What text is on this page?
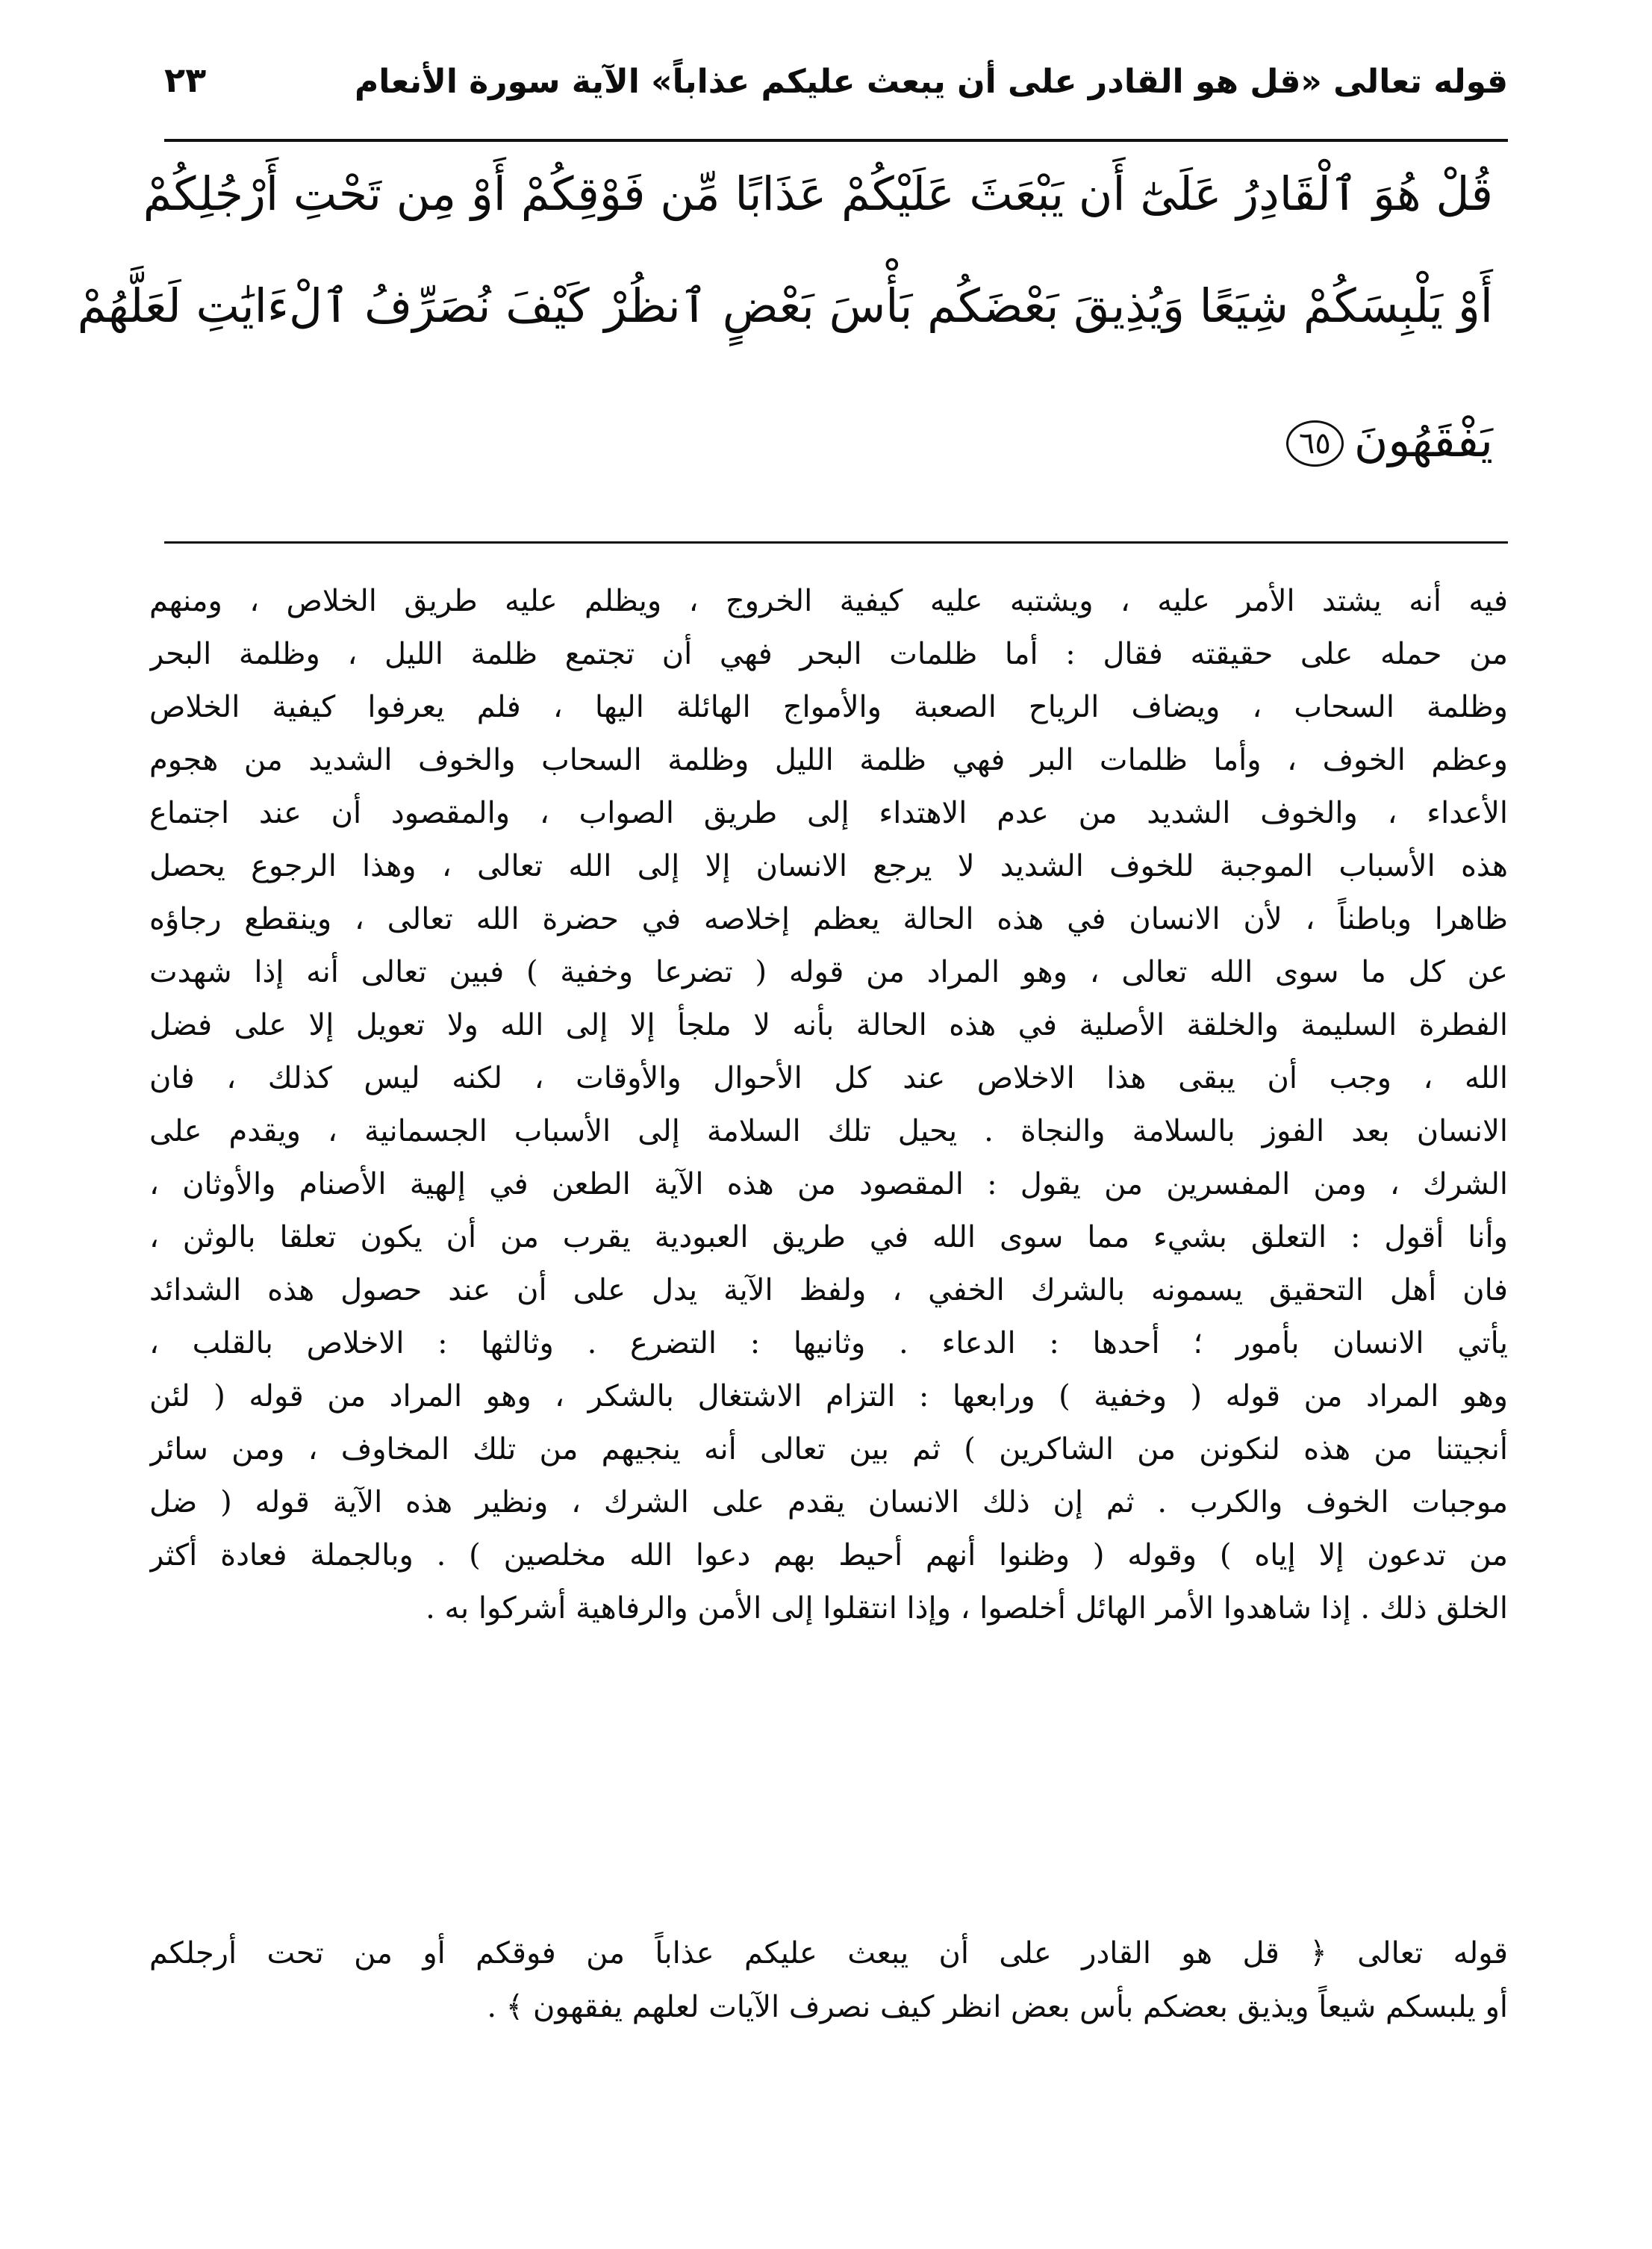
قوله تعالى «قل هو القادر على أن يبعث عليكم عذاباً» الآية سورة الأنعام
٢٣
قُلْ هُوَ ٱلْقَادِرُ عَلَىٰٓ أَن يَبْعَثَ عَلَيْكُمْ عَذَابًا مِّن فَوْقِكُمْ أَوْ مِن تَحْتِ أَرْجُلِكُمْ
أَوْ يَلْبِسَكُمْ شِيَعًا وَيُذِيقَ بَعْضَكُم بَأْسَ بَعْضٍ ٱنظُرْ كَيْفَ نُصَرِّفُ ٱلْءَايَٰتِ لَعَلَّهُمْ
يَفْقَهُونَ٦٥
فيه أنه يشتد الأمر عليه ، ويشتبه عليه كيفية الخروج ، ويظلم عليه طريق الخلاص ، ومنهم
من حمله على حقيقته فقال : أما ظلمات البحر فهي أن تجتمع ظلمة الليل ، وظلمة البحر
وظلمة السحاب ، ويضاف الرياح الصعبة والأمواج الهائلة اليها ، فلم يعرفوا كيفية الخلاص
وعظم الخوف ، وأما ظلمات البر فهي ظلمة الليل وظلمة السحاب والخوف الشديد من هجوم
الأعداء ، والخوف الشديد من عدم الاهتداء إلى طريق الصواب ، والمقصود أن عند اجتماع
هذه الأسباب الموجبة للخوف الشديد لا يرجع الانسان إلا إلى الله تعالى ، وهذا الرجوع يحصل
ظاهرا وباطناً ، لأن الانسان في هذه الحالة يعظم إخلاصه في حضرة الله تعالى ، وينقطع رجاؤه
عن كل ما سوى الله تعالى ، وهو المراد من قوله ( تضرعا وخفية ) فبين تعالى أنه إذا شهدت
الفطرة السليمة والخلقة الأصلية في هذه الحالة بأنه لا ملجأ إلا إلى الله ولا تعويل إلا على فضل
الله ، وجب أن يبقى هذا الاخلاص عند كل الأحوال والأوقات ، لكنه ليس كذلك ، فان
الانسان بعد الفوز بالسلامة والنجاة . يحيل تلك السلامة إلى الأسباب الجسمانية ، ويقدم على
الشرك ، ومن المفسرين من يقول : المقصود من هذه الآية الطعن في إلهية الأصنام والأوثان ،
وأنا أقول : التعلق بشيء مما سوى الله في طريق العبودية يقرب من أن يكون تعلقا بالوثن ،
فان أهل التحقيق يسمونه بالشرك الخفي ، ولفظ الآية يدل على أن عند حصول هذه الشدائد
يأتي الانسان بأمور ؛ أحدها : الدعاء . وثانيها : التضرع . وثالثها : الاخلاص بالقلب ،
وهو المراد من قوله ( وخفية ) ورابعها : التزام الاشتغال بالشكر ، وهو المراد من قوله ( لئن
أنجيتنا من هذه لنكونن من الشاكرين ) ثم بين تعالى أنه ينجيهم من تلك المخاوف ، ومن سائر
موجبات الخوف والكرب . ثم إن ذلك الانسان يقدم على الشرك ، ونظير هذه الآية قوله ( ضل
من تدعون إلا إياه ) وقوله ( وظنوا أنهم أحيط بهم دعوا الله مخلصين ) . وبالجملة فعادة أكثر
الخلق ذلك . إذا شاهدوا الأمر الهائل أخلصوا ، وإذا انتقلوا إلى الأمن والرفاهية أشركوا به .
قوله تعالى ﴿ قل هو القادر على أن يبعث عليكم عذاباً من فوقكم أو من تحت أرجلكم
أو يلبسكم شيعاً ويذيق بعضكم بأس بعض انظر كيف نصرف الآيات لعلهم يفقهون ﴾ .
